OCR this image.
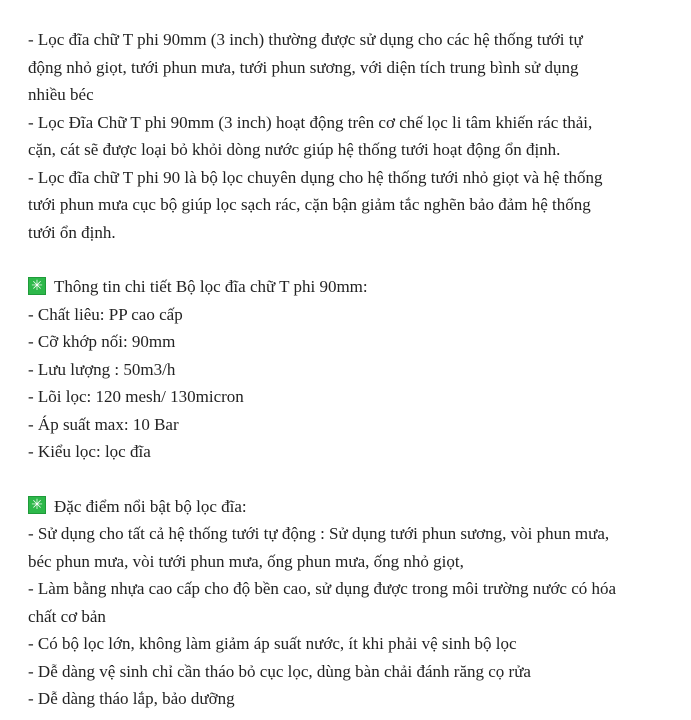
- Lọc đĩa chữ T phi 90mm (3 inch) thường được sử dụng cho các hệ thống tưới tự
động nhỏ giọt, tưới phun mưa, tưới phun sương, với diện tích trung bình sử dụng
nhiều béc

- Lọc Đĩa Chữ T phi 90mm (3 inch) hoạt động trên cơ chế lọc li tâm khiến rác thải,
cặn, cát sẽ được loại bỏ khỏi dòng nước giúp hệ thống tưới hoạt động ổn định.

- Lọc đĩa chữ T phi 90 là bộ lọc chuyên dụng cho hệ thống tưới nhỏ giọt và hệ thống
tưới phun mưa cục bộ giúp lọc sạch rác, cặn bận giảm tắc nghẽn bảo đảm hệ thống
tưới ổn định.

✳ Thông tin chi tiết Bộ lọc đĩa chữ T phi 90mm:
- Chất liêu: PP cao cấp
- Cỡ khớp nối: 90mm
- Lưu lượng : 50m3/h
- Lõi lọc: 120 mesh/ 130micron
- Áp suất max: 10 Bar
- Kiểu lọc: lọc đĩa
✳ Đặc điểm nổi bật bộ lọc đĩa:
- Sử dụng cho tất cả hệ thống tưới tự động : Sử dụng tưới phun sương, vòi phun mưa,
béc phun mưa, vòi tưới phun mưa, ống phun mưa, ống nhỏ giọt,
- Làm bằng nhựa cao cấp cho độ bền cao, sử dụng được trong môi trường nước có hóa
chất cơ bản
- Có bộ lọc lớn, không làm giảm áp suất nước, ít khi phải vệ sinh bộ lọc
- Dễ dàng vệ sinh chỉ cần tháo bỏ cục lọc, dùng bàn chải đánh răng cọ rửa
- Dễ dàng tháo lắp, bảo dưỡng
